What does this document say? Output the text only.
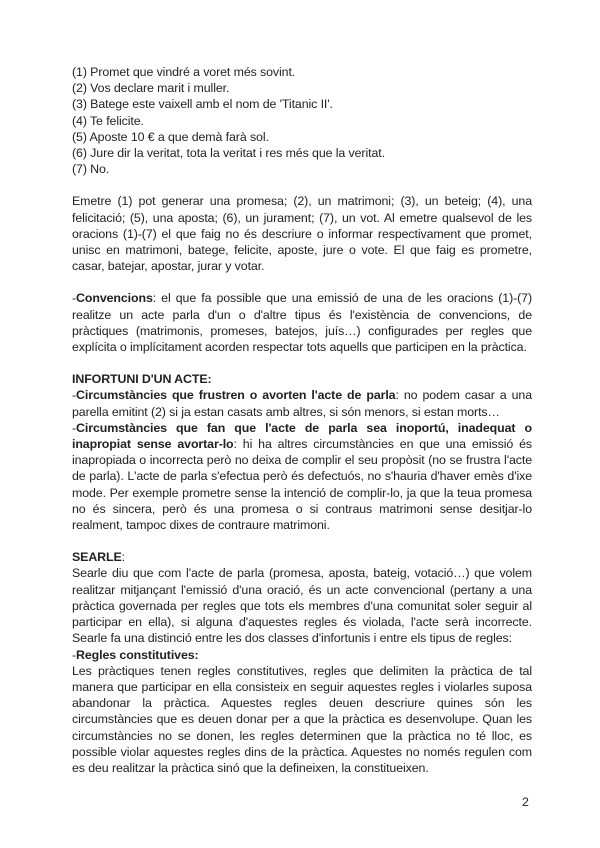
(1) Promet que vindré a voret més sovint.

(2) Vos declare marit i muller.

(3) Batege este vaixell amb el nom de 'Titanic II'.

(4) Te felicite.

(5) Aposte 10 € a que demà farà sol.

(6) Jure dir la veritat, tota la veritat i res més que la veritat.

(7) No.

Emetre (1) pot generar una promesa; (2), un matrimoni; (3), un beteig; (4), una felicitació; (5), una aposta; (6), un jurament; (7), un vot. Al emetre qualsevol de les oracions (1)-(7) el que faig no és descriure o informar respectivament que promet, unisc en matrimoni, batege, felicite, aposte, jure o vote. El que faig es prometre, casar, batejar, apostar, jurar y votar.

-Convencions: el que fa possible que una emissió de una de les oracions (1)-(7) realitze un acte parla d'un o d'altre tipus és l'existència de convencions, de pràctiques (matrimonis, promeses, batejos, juís…) configurades per regles que explícita o implícitament acorden respectar tots aquells que participen en la pràctica.

INFORTUNI D'UN ACTE:

-Circumstàncies que frustren o avorten l'acte de parla: no podem casar a una parella emitint (2) si ja estan casats amb altres, si són menors, si estan morts…

-Circumstàncies que fan que l'acte de parla sea inoportú, inadequat o inapropiat sense avortar-lo: hi ha altres circumstàncies en que una emissió és inapropiada o incorrecta però no deixa de complir el seu propòsit (no se frustra l'acte de parla). L'acte de parla s'efectua però és defectuós, no s'hauria d'haver emès d'ixe mode. Per exemple prometre sense la intenció de complir-lo, ja que la teua promesa no és sincera, però és una promesa o si contraus matrimoni sense desitjar-lo realment, tampoc dixes de contraure matrimoni.

SEARLE:

Searle diu que com l'acte de parla (promesa, aposta, bateig, votació…) que volem realitzar mitjançant l'emissió d'una oració, és un acte convencional (pertany a una pràctica governada per regles que tots els membres d'una comunitat soler seguir al participar en ella), si alguna d'aquestes regles és violada, l'acte serà incorrecte. Searle fa una distinció entre les dos classes d'infortunis i entre els tipus de regles:

-Regles constitutives:

Les pràctiques tenen regles constitutives, regles que delimiten la pràctica de tal manera que participar en ella consisteix en seguir aquestes regles i violarles suposa abandonar la pràctica. Aquestes regles deuen descriure quines són les circumstàncies que es deuen donar per a que la pràctica es desenvolupe. Quan les circumstàncies no se donen, les regles determinen que la pràctica no té lloc, es possible violar aquestes regles dins de la pràctica. Aquestes no només regulen com es deu realitzar la pràctica sinó que la defineixen, la constitueixen.

2
